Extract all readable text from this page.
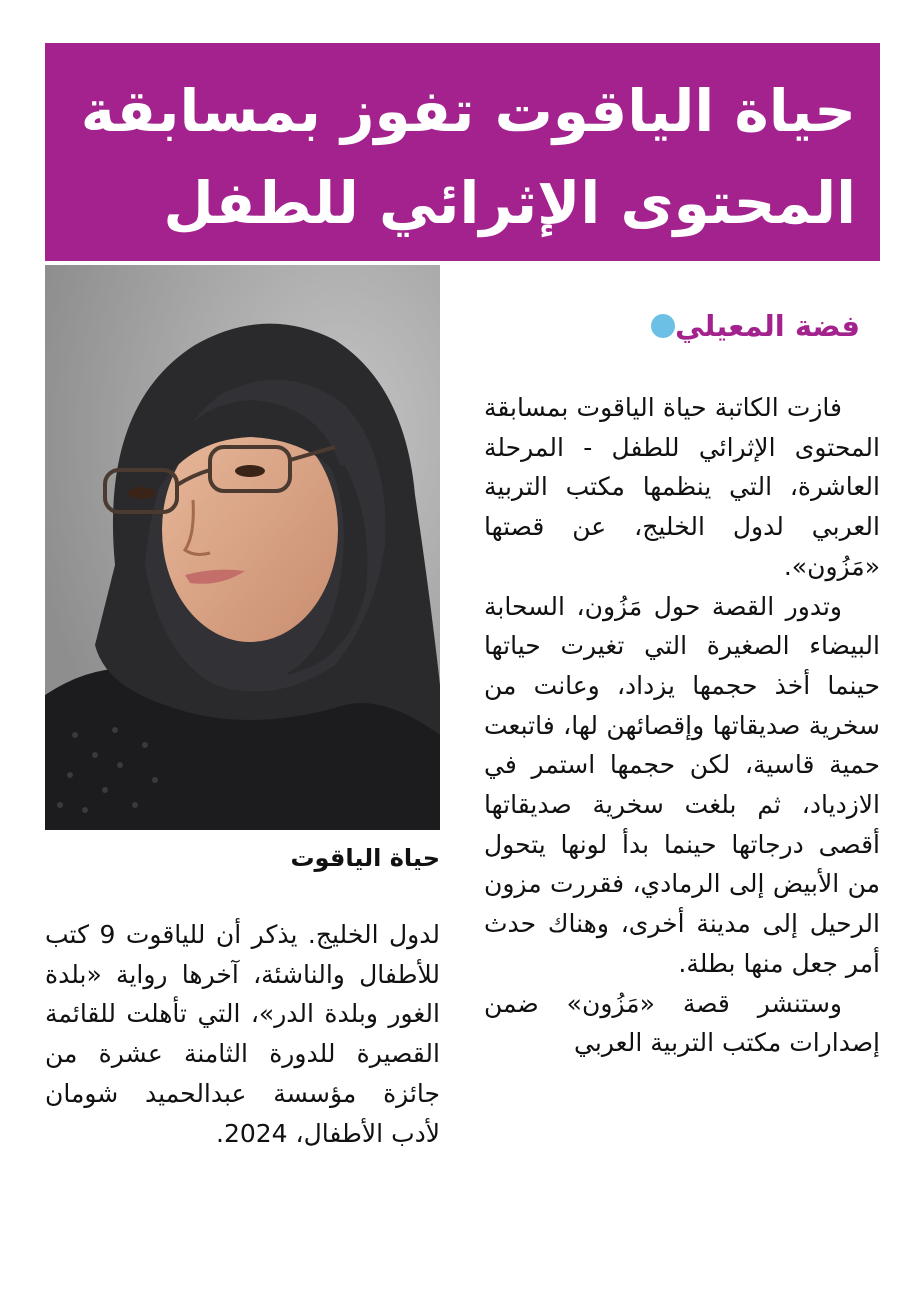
حياة الياقوت تفوز بمسابقة
المحتوى الإثرائي للطفل
فضة المعيلي
حياة الياقوت

فازت الكاتبة حياة الياقوت بمسابقة المحتوى الإثرائي للطفل - المرحلة العاشرة، التي ينظمها مكتب التربية العربي لدول الخليج، عن قصتها «مَزُون».

وتدور القصة حول مَزُون، السحابة البيضاء الصغيرة التي تغيرت حياتها حينما أخذ حجمها يزداد، وعانت من سخرية صديقاتها وإقصائهن لها، فاتبعت حمية قاسية، لكن حجمها استمر في الازدياد، ثم بلغت سخرية صديقاتها أقصى درجاتها حينما بدأ لونها يتحول من الأبيض إلى الرمادي، فقررت مزون الرحيل إلى مدينة أخرى، وهناك حدث أمر جعل منها بطلة.

وستنشر قصة «مَزُون» ضمن إصدارات مكتب التربية العربي

لدول الخليج. يذكر أن للياقوت 9 كتب للأطفال والناشئة، آخرها رواية «بلدة الغور وبلدة الدر»، التي تأهلت للقائمة القصيرة للدورة الثامنة عشرة من جائزة مؤسسة عبدالحميد شومان لأدب الأطفال، 2024.
